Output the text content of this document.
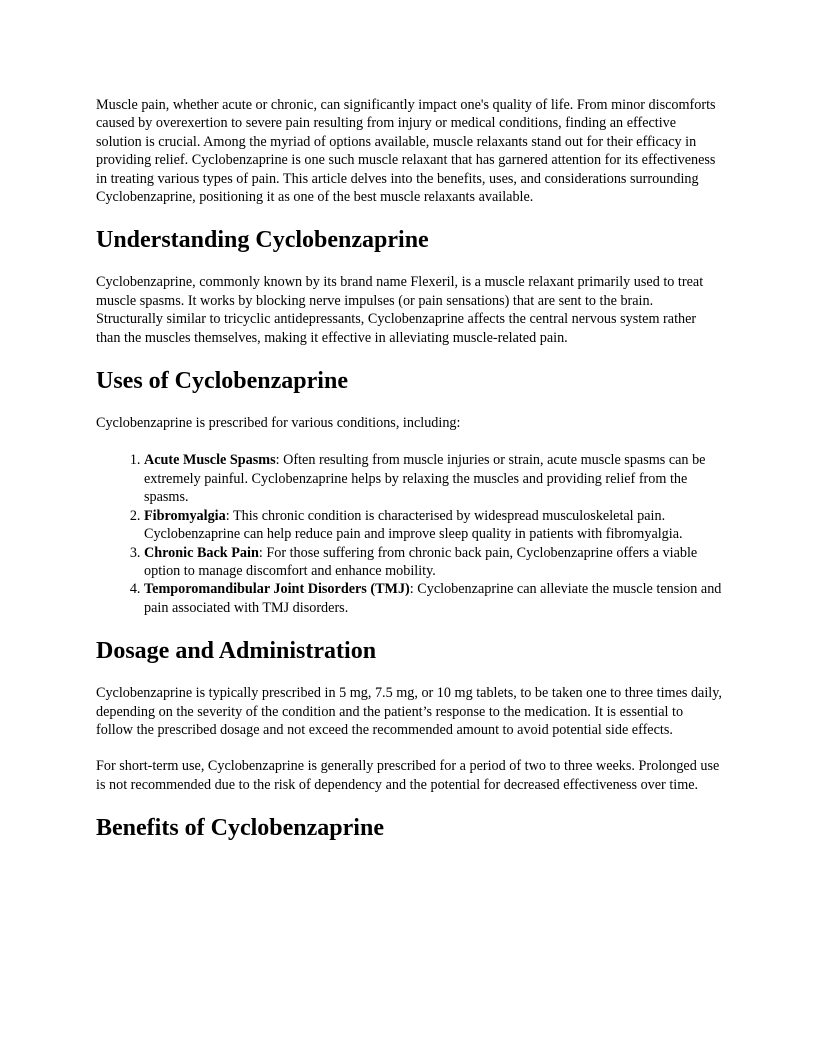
Muscle pain, whether acute or chronic, can significantly impact one's quality of life. From minor discomforts caused by overexertion to severe pain resulting from injury or medical conditions, finding an effective solution is crucial. Among the myriad of options available, muscle relaxants stand out for their efficacy in providing relief. Cyclobenzaprine is one such muscle relaxant that has garnered attention for its effectiveness in treating various types of pain. This article delves into the benefits, uses, and considerations surrounding Cyclobenzaprine, positioning it as one of the best muscle relaxants available.

Understanding Cyclobenzaprine

Cyclobenzaprine, commonly known by its brand name Flexeril, is a muscle relaxant primarily used to treat muscle spasms. It works by blocking nerve impulses (or pain sensations) that are sent to the brain. Structurally similar to tricyclic antidepressants, Cyclobenzaprine affects the central nervous system rather than the muscles themselves, making it effective in alleviating muscle-related pain.

Uses of Cyclobenzaprine

Cyclobenzaprine is prescribed for various conditions, including:

1. Acute Muscle Spasms: Often resulting from muscle injuries or strain, acute muscle spasms can be extremely painful. Cyclobenzaprine helps by relaxing the muscles and providing relief from the spasms.
2. Fibromyalgia: This chronic condition is characterised by widespread musculoskeletal pain. Cyclobenzaprine can help reduce pain and improve sleep quality in patients with fibromyalgia.
3. Chronic Back Pain: For those suffering from chronic back pain, Cyclobenzaprine offers a viable option to manage discomfort and enhance mobility.
4. Temporomandibular Joint Disorders (TMJ): Cyclobenzaprine can alleviate the muscle tension and pain associated with TMJ disorders.
Dosage and Administration

Cyclobenzaprine is typically prescribed in 5 mg, 7.5 mg, or 10 mg tablets, to be taken one to three times daily, depending on the severity of the condition and the patient’s response to the medication. It is essential to follow the prescribed dosage and not exceed the recommended amount to avoid potential side effects.

For short-term use, Cyclobenzaprine is generally prescribed for a period of two to three weeks. Prolonged use is not recommended due to the risk of dependency and the potential for decreased effectiveness over time.

Benefits of Cyclobenzaprine
